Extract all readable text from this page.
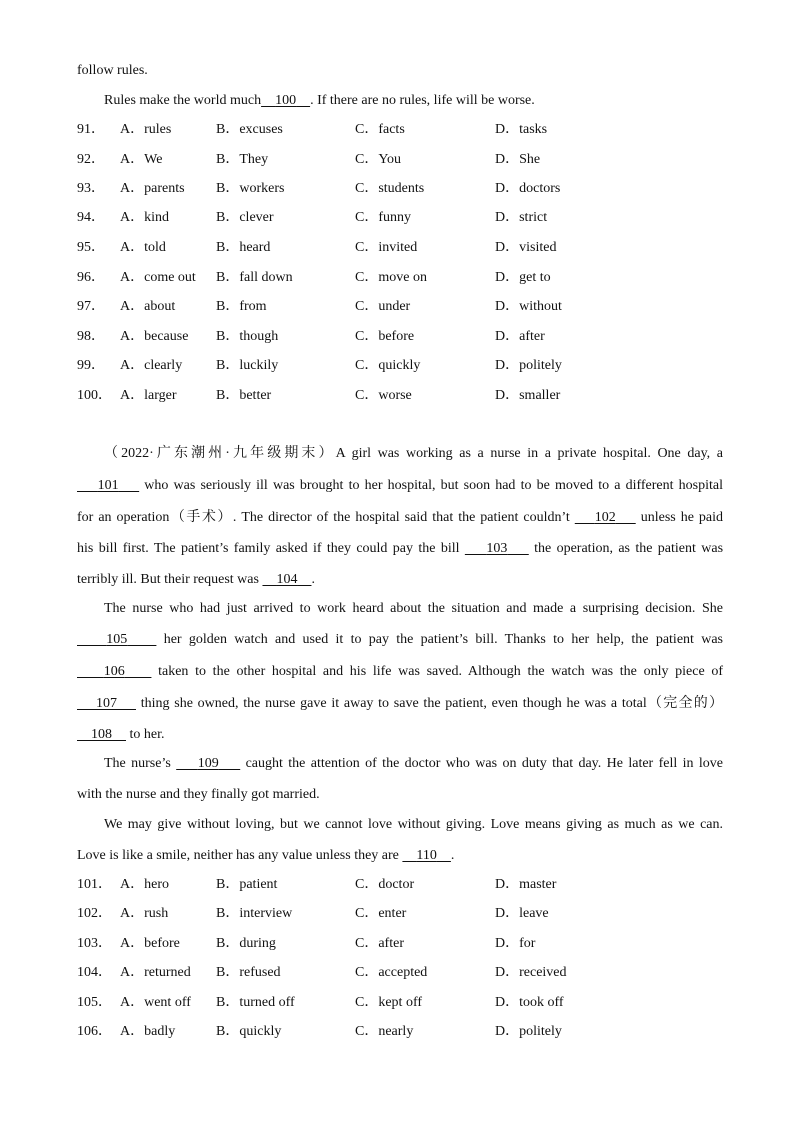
follow rules.
Rules make the world much 100 . If there are no rules, life will be worse.
91． A．rules	B．excuses	C．facts	D．tasks
92． A．We	B．They	C．You	D．She
93． A．parents B．workers	C．students	D．doctors
94． A．kind	B．clever	C．funny	D．strict
95． A．told	B．heard	C．invited	D．visited
96． A．come out B．fall down	C．move on	D．get to
97． A．about	B．from	C．under	D．without
98． A．because B．though	C．before	D．after
99． A．clearly B．luckily	C．quickly	D．politely
100． A．larger	B．better	C．worse	D．smaller
（2022·广东潮州·九年级期末）A girl was working as a nurse in a private hospital. One day, a
101     who was seriously ill was brought to her hospital, but soon had to be moved to a different hospital
for an operation（手术）. The director of the hospital said that the patient couldn’t     102     unless he paid
his bill first. The patient’s family asked if they could pay the bill     103     the operation, as the patient was
terribly ill. But their request was     104 .
The nurse who had just arrived to work heard about the situation and made a surprising decision. She
105     her golden watch and used it to pay the patient’s bill. Thanks to her help, the patient was
106     taken to the other hospital and his life was saved. Although the watch was the only piece of
107     thing she owned, the nurse gave it away to save the patient, even though he was a total（完全的）
108     to her.
The nurse’s     109     caught the attention of the doctor who was on duty that day. He later fell in love
with the nurse and they finally got married.
We may give without loving, but we cannot love without giving. Love means giving as much as we can.
Love is like a smile, neither has any value unless they are     110 .
101． A．hero	B．patient	C．doctor	D．master
102． A．rush	B．interview	C．enter	D．leave
103． A．before	B．during	C．after	D．for
104． A．returned B．refused	C．accepted	D．received
105． A．went off B．turned off	C．kept off	D．took off
106． A．badly	B．quickly	C．nearly	D．politely
